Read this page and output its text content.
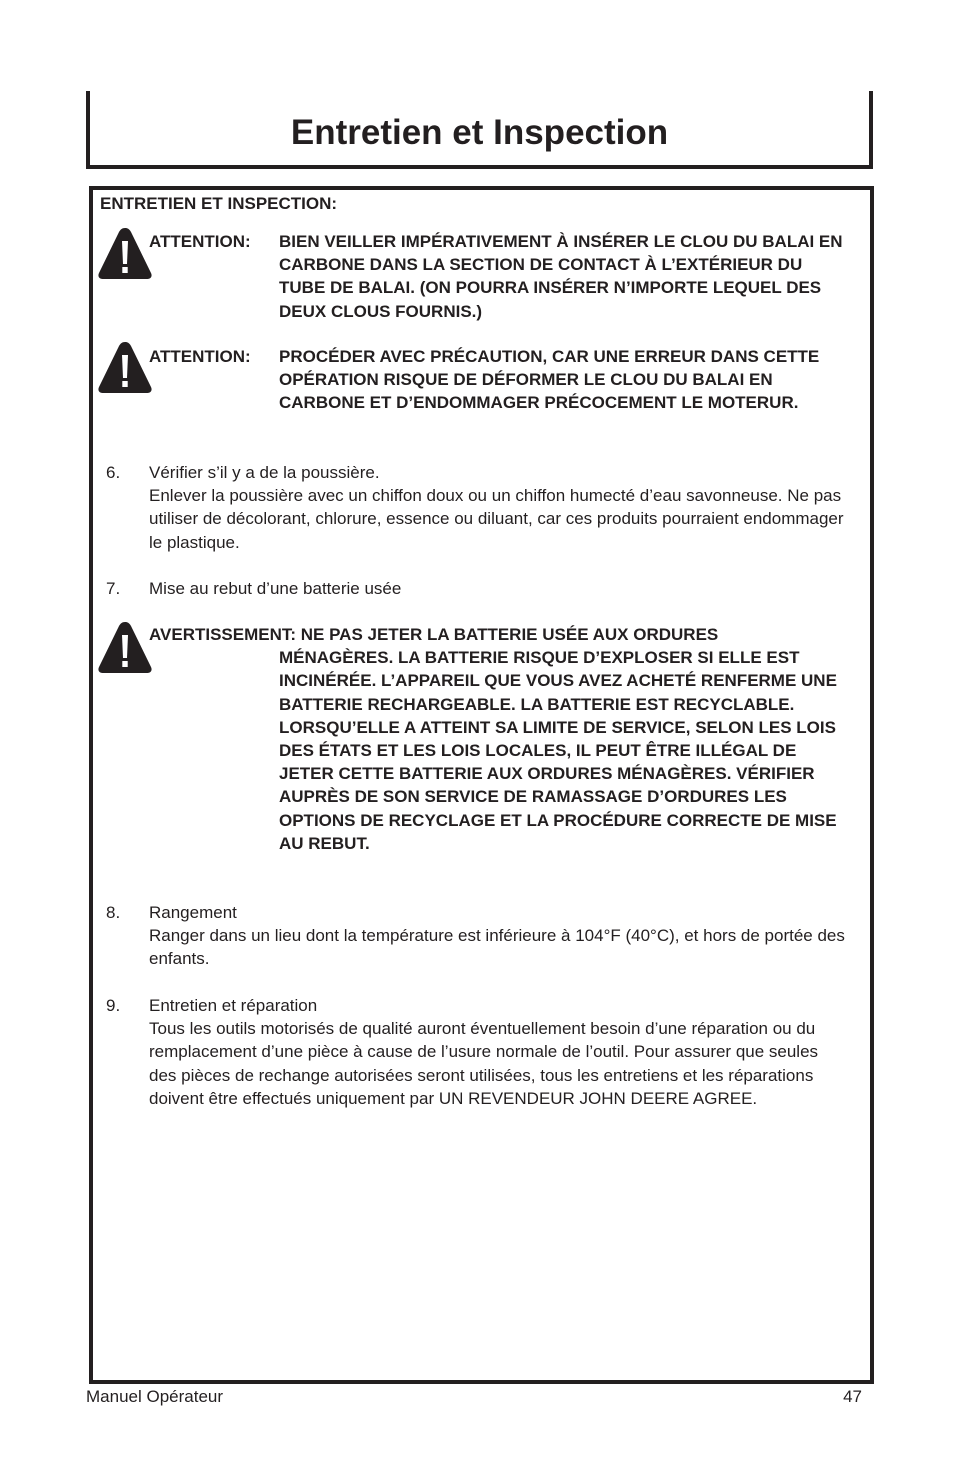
Entretien et Inspection
ENTRETIEN ET INSPECTION:
ATTENTION: BIEN VEILLER IMPÉRATIVEMENT À INSÉRER LE CLOU DU BALAI EN CARBONE DANS LA SECTION DE CONTACT À L’EXTÉRIEUR DU TUBE DE BALAI. (ON POURRA INSÉRER N’IMPORTE LEQUEL DES DEUX CLOUS FOURNIS.)
ATTENTION: PROCÉDER AVEC PRÉCAUTION, CAR UNE ERREUR DANS CETTE OPÉRATION RISQUE DE DÉFORMER LE CLOU DU BALAI EN CARBONE ET D’ENDOMMAGER PRÉCOCEMENT LE MOTERUR.
6. Vérifier s’il y a de la poussière.
Enlever la poussière avec un chiffon doux ou un chiffon humecté d’eau savonneuse. Ne pas utiliser de décolorant, chlorure, essence ou diluant, car ces produits pourraient endommager le plastique.
7. Mise au rebut d’une batterie usée
AVERTISSEMENT: NE PAS JETER LA BATTERIE USÉE AUX ORDURES
MÉNAGÈRES. LA BATTERIE RISQUE D’EXPLOSER SI ELLE EST INCINÉRÉE. L’APPAREIL QUE VOUS AVEZ ACHETÉ RENFERME UNE BATTERIE RECHARGEABLE. LA BATTERIE EST RECYCLABLE. LORSQU’ELLE A ATTEINT SA LIMITE DE SERVICE, SELON LES LOIS DES ÉTATS ET LES LOIS LOCALES, IL PEUT ÊTRE ILLÉGAL DE JETER CETTE BATTERIE AUX ORDURES MÉNAGÈRES. VÉRIFIER AUPRÈS DE SON SERVICE DE RAMASSAGE D’ORDURES LES OPTIONS DE RECYCLAGE ET LA PROCÉDURE CORRECTE DE MISE AU REBUT.
8. Rangement
Ranger dans un lieu dont la température est inférieure à 104°F (40°C), et hors de portée des enfants.
9. Entretien et réparation
Tous les outils motorisés de qualité auront éventuellement besoin d’une réparation ou du remplacement d’une pièce à cause de l’usure normale de l’outil. Pour assurer que seules des pièces de rechange autorisées seront utilisées, tous les entretiens et les réparations doivent être effectués uniquement par UN REVENDEUR JOHN DEERE AGREE.
Manuel Opérateur	47
